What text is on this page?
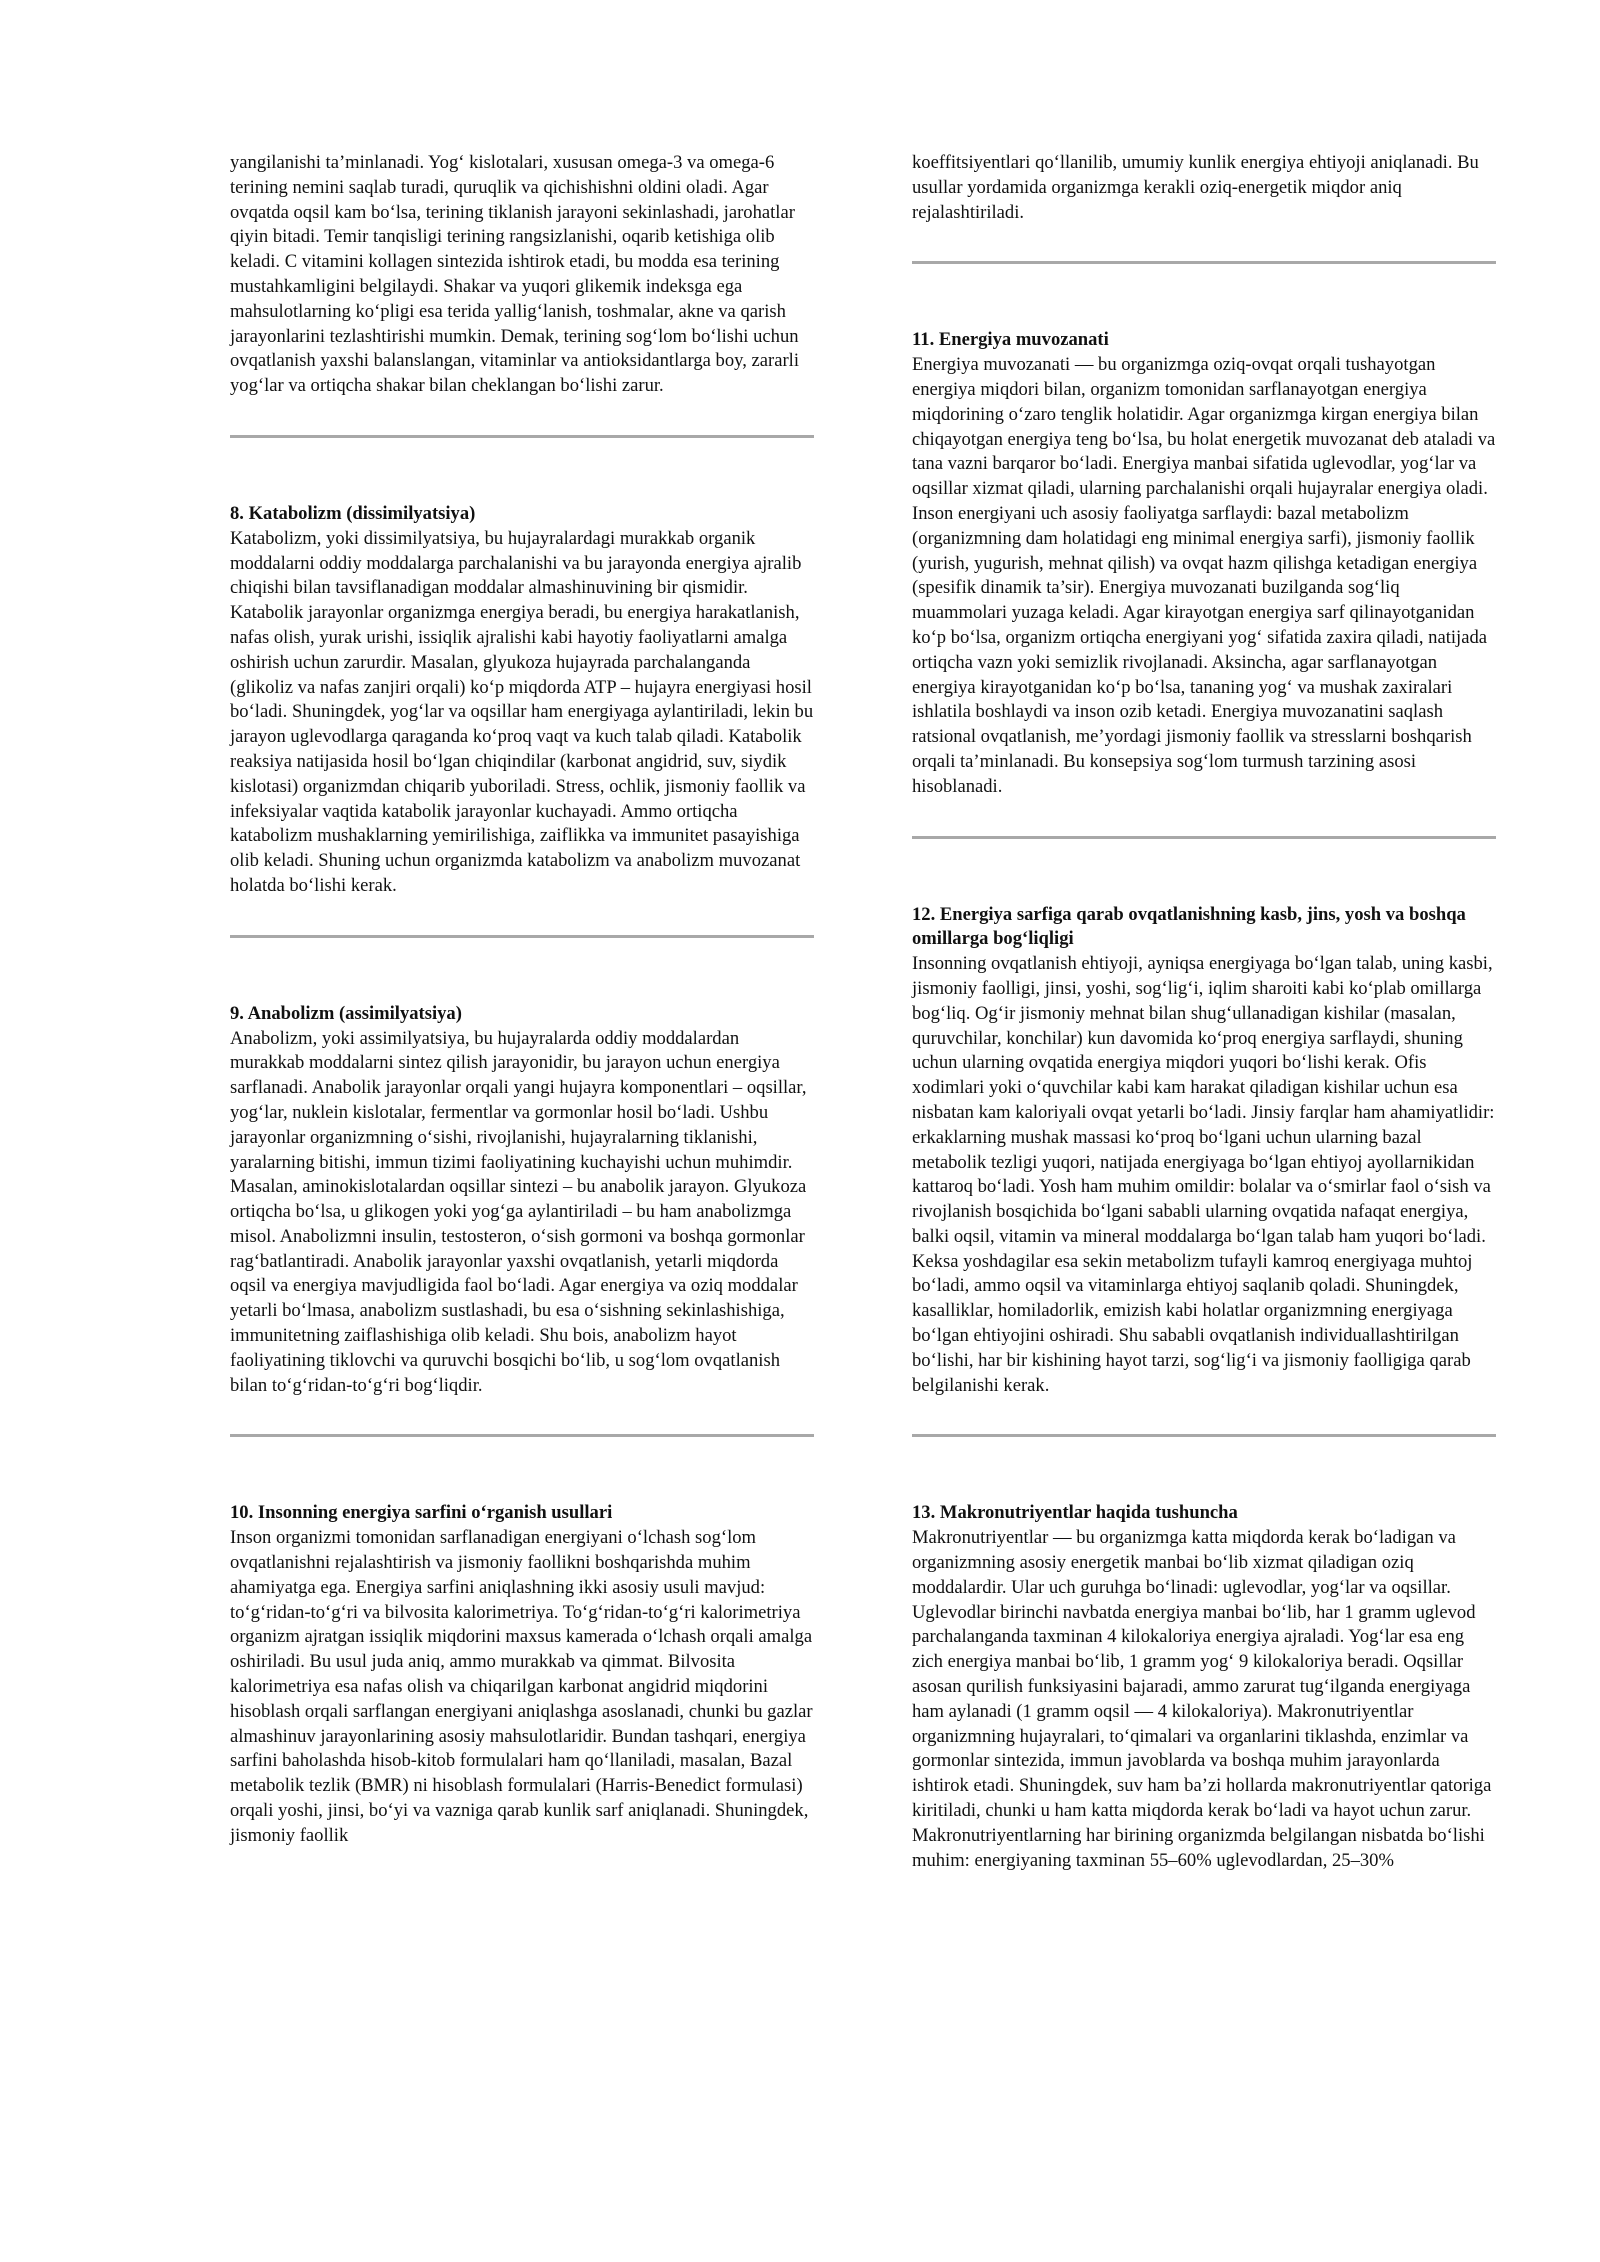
yangilanishi ta’minlanadi. Yog‘ kislotalari, xususan omega-3 va omega-6 terining nemini saqlab turadi, quruqlik va qichishishni oldini oladi. Agar ovqatda oqsil kam bo‘lsa, terining tiklanish jarayoni sekinlashadi, jarohatlar qiyin bitadi. Temir tanqisligi terining rangsizlanishi, oqarib ketishiga olib keladi. C vitamini kollagen sintezida ishtirok etadi, bu modda esa terining mustahkamligini belgilaydi. Shakar va yuqori glikemik indeksga ega mahsulotlarning ko‘pligi esa terida yallig‘lanish, toshmalar, akne va qarish jarayonlarini tezlashtirishi mumkin. Demak, terining sog‘lom bo‘lishi uchun ovqatlanish yaxshi balanslangan, vitaminlar va antioksidantlarga boy, zararli yog‘lar va ortiqcha shakar bilan cheklangan bo‘lishi zarur.

8. Katabolizm (dissimilyatsiya)

Katabolizm, yoki dissimilyatsiya, bu hujayralardagi murakkab organik moddalarni oddiy moddalarga parchalanishi va bu jarayonda energiya ajralib chiqishi bilan tavsiflanadigan moddalar almashinuvining bir qismidir. Katabolik jarayonlar organizmga energiya beradi, bu energiya harakatlanish, nafas olish, yurak urishi, issiqlik ajralishi kabi hayotiy faoliyatlarni amalga oshirish uchun zarurdir. Masalan, glyukoza hujayrada parchalanganda (glikoliz va nafas zanjiri orqali) ko‘p miqdorda ATP – hujayra energiyasi hosil bo‘ladi. Shuningdek, yog‘lar va oqsillar ham energiyaga aylantiriladi, lekin bu jarayon uglevodlarga qaraganda ko‘proq vaqt va kuch talab qiladi. Katabolik reaksiya natijasida hosil bo‘lgan chiqindilar (karbonat angidrid, suv, siydik kislotasi) organizmdan chiqarib yuboriladi. Stress, ochlik, jismoniy faollik va infeksiyalar vaqtida katabolik jarayonlar kuchayadi. Ammo ortiqcha katabolizm mushaklarning yemirilishiga, zaiflikka va immunitet pasayishiga olib keladi. Shuning uchun organizmda katabolizm va anabolizm muvozanat holatda bo‘lishi kerak.

9. Anabolizm (assimilyatsiya)

Anabolizm, yoki assimilyatsiya, bu hujayralarda oddiy moddalardan murakkab moddalarni sintez qilish jarayonidir, bu jarayon uchun energiya sarflanadi. Anabolik jarayonlar orqali yangi hujayra komponentlari – oqsillar, yog‘lar, nuklein kislotalar, fermentlar va gormonlar hosil bo‘ladi. Ushbu jarayonlar organizmning o‘sishi, rivojlanishi, hujayralarning tiklanishi, yaralarning bitishi, immun tizimi faoliyatining kuchayishi uchun muhimdir. Masalan, aminokislotalardan oqsillar sintezi – bu anabolik jarayon. Glyukoza ortiqcha bo‘lsa, u glikogen yoki yog‘ga aylantiriladi – bu ham anabolizmga misol. Anabolizmni insulin, testosteron, o‘sish gormoni va boshqa gormonlar rag‘batlantiradi. Anabolik jarayonlar yaxshi ovqatlanish, yetarli miqdorda oqsil va energiya mavjudligida faol bo‘ladi. Agar energiya va oziq moddalar yetarli bo‘lmasa, anabolizm sustlashadi, bu esa o‘sishning sekinlashishiga, immunitetning zaiflashishiga olib keladi. Shu bois, anabolizm hayot faoliyatining tiklovchi va quruvchi bosqichi bo‘lib, u sog‘lom ovqatlanish bilan to‘g‘ridan-to‘g‘ri bog‘liqdir.

10. Insonning energiya sarfini o‘rganish usullari

Inson organizmi tomonidan sarflanadigan energiyani o‘lchash sog‘lom ovqatlanishni rejalashtirish va jismoniy faollikni boshqarishda muhim ahamiyatga ega. Energiya sarfini aniqlashning ikki asosiy usuli mavjud: to‘g‘ridan-to‘g‘ri va bilvosita kalorimetriya. To‘g‘ridan-to‘g‘ri kalorimetriya organizm ajratgan issiqlik miqdorini maxsus kamerada o‘lchash orqali amalga oshiriladi. Bu usul juda aniq, ammo murakkab va qimmat. Bilvosita kalorimetriya esa nafas olish va chiqarilgan karbonat angidrid miqdorini hisoblash orqali sarflangan energiyani aniqlashga asoslanadi, chunki bu gazlar almashinuv jarayonlarining asosiy mahsulotlaridir. Bundan tashqari, energiya sarfini baholashda hisob-kitob formulalari ham qo‘llaniladi, masalan, Bazal metabolik tezlik (BMR) ni hisoblash formulalari (Harris-Benedict formulasi) orqali yoshi, jinsi, bo‘yi va vazniga qarab kunlik sarf aniqlanadi. Shuningdek, jismoniy faollik

koeffitsiyentlari qo‘llanilib, umumiy kunlik energiya ehtiyoji aniqlanadi. Bu usullar yordamida organizmga kerakli oziq-energetik miqdor aniq rejalashtiriladi.

11. Energiya muvozanati

Energiya muvozanati — bu organizmga oziq-ovqat orqali tushayotgan energiya miqdori bilan, organizm tomonidan sarflanayotgan energiya miqdorining o‘zaro tenglik holatidir. Agar organizmga kirgan energiya bilan chiqayotgan energiya teng bo‘lsa, bu holat energetik muvozanat deb ataladi va tana vazni barqaror bo‘ladi. Energiya manbai sifatida uglevodlar, yog‘lar va oqsillar xizmat qiladi, ularning parchalanishi orqali hujayralar energiya oladi. Inson energiyani uch asosiy faoliyatga sarflaydi: bazal metabolizm (organizmning dam holatidagi eng minimal energiya sarfi), jismoniy faollik (yurish, yugurish, mehnat qilish) va ovqat hazm qilishga ketadigan energiya (spesifik dinamik ta’sir). Energiya muvozanati buzilganda sog‘liq muammolari yuzaga keladi. Agar kirayotgan energiya sarf qilinayotganidan ko‘p bo‘lsa, organizm ortiqcha energiyani yog‘ sifatida zaxira qiladi, natijada ortiqcha vazn yoki semizlik rivojlanadi. Aksincha, agar sarflanayotgan energiya kirayotganidan ko‘p bo‘lsa, tananing yog‘ va mushak zaxiralari ishlatila boshlaydi va inson ozib ketadi. Energiya muvozanatini saqlash ratsional ovqatlanish, me’yordagi jismoniy faollik va stresslarni boshqarish orqali ta’minlanadi. Bu konsepsiya sog‘lom turmush tarzining asosi hisoblanadi.

12. Energiya sarfiga qarab ovqatlanishning kasb, jins, yosh va boshqa omillarga bog‘liqligi

Insonning ovqatlanish ehtiyoji, ayniqsa energiyaga bo‘lgan talab, uning kasbi, jismoniy faolligi, jinsi, yoshi, sog‘lig‘i, iqlim sharoiti kabi ko‘plab omillarga bog‘liq. Og‘ir jismoniy mehnat bilan shug‘ullanadigan kishilar (masalan, quruvchilar, konchilar) kun davomida ko‘proq energiya sarflaydi, shuning uchun ularning ovqatida energiya miqdori yuqori bo‘lishi kerak. Ofis xodimlari yoki o‘quvchilar kabi kam harakat qiladigan kishilar uchun esa nisbatan kam kaloriyali ovqat yetarli bo‘ladi. Jinsiy farqlar ham ahamiyatlidir: erkaklarning mushak massasi ko‘proq bo‘lgani uchun ularning bazal metabolik tezligi yuqori, natijada energiyaga bo‘lgan ehtiyoj ayollarnikidan kattaroq bo‘ladi. Yosh ham muhim omildir: bolalar va o‘smirlar faol o‘sish va rivojlanish bosqichida bo‘lgani sababli ularning ovqatida nafaqat energiya, balki oqsil, vitamin va mineral moddalarga bo‘lgan talab ham yuqori bo‘ladi. Keksa yoshdagilar esa sekin metabolizm tufayli kamroq energiyaga muhtoj bo‘ladi, ammo oqsil va vitaminlarga ehtiyoj saqlanib qoladi. Shuningdek, kasalliklar, homiladorlik, emizish kabi holatlar organizmning energiyaga bo‘lgan ehtiyojini oshiradi. Shu sababli ovqatlanish individuallashtirilgan bo‘lishi, har bir kishining hayot tarzi, sog‘lig‘i va jismoniy faolligiga qarab belgilanishi kerak.

13. Makronutriyentlar haqida tushuncha

Makronutriyentlar — bu organizmga katta miqdorda kerak bo‘ladigan va organizmning asosiy energetik manbai bo‘lib xizmat qiladigan oziq moddalardir. Ular uch guruhga bo‘linadi: uglevodlar, yog‘lar va oqsillar. Uglevodlar birinchi navbatda energiya manbai bo‘lib, har 1 gramm uglevod parchalanganda taxminan 4 kilokaloriya energiya ajraladi. Yog‘lar esa eng zich energiya manbai bo‘lib, 1 gramm yog‘ 9 kilokaloriya beradi. Oqsillar asosan qurilish funksiyasini bajaradi, ammo zarurat tug‘ilganda energiyaga ham aylanadi (1 gramm oqsil — 4 kilokaloriya). Makronutriyentlar organizmning hujayralari, to‘qimalari va organlarini tiklashda, enzimlar va gormonlar sintezida, immun javoblarda va boshqa muhim jarayonlarda ishtirok etadi. Shuningdek, suv ham ba’zi hollarda makronutriyentlar qatoriga kiritiladi, chunki u ham katta miqdorda kerak bo‘ladi va hayot uchun zarur. Makronutriyentlarning har birining organizmda belgilangan nisbatda bo‘lishi muhim: energiyaning taxminan 55–60% uglevodlardan, 25–30%
